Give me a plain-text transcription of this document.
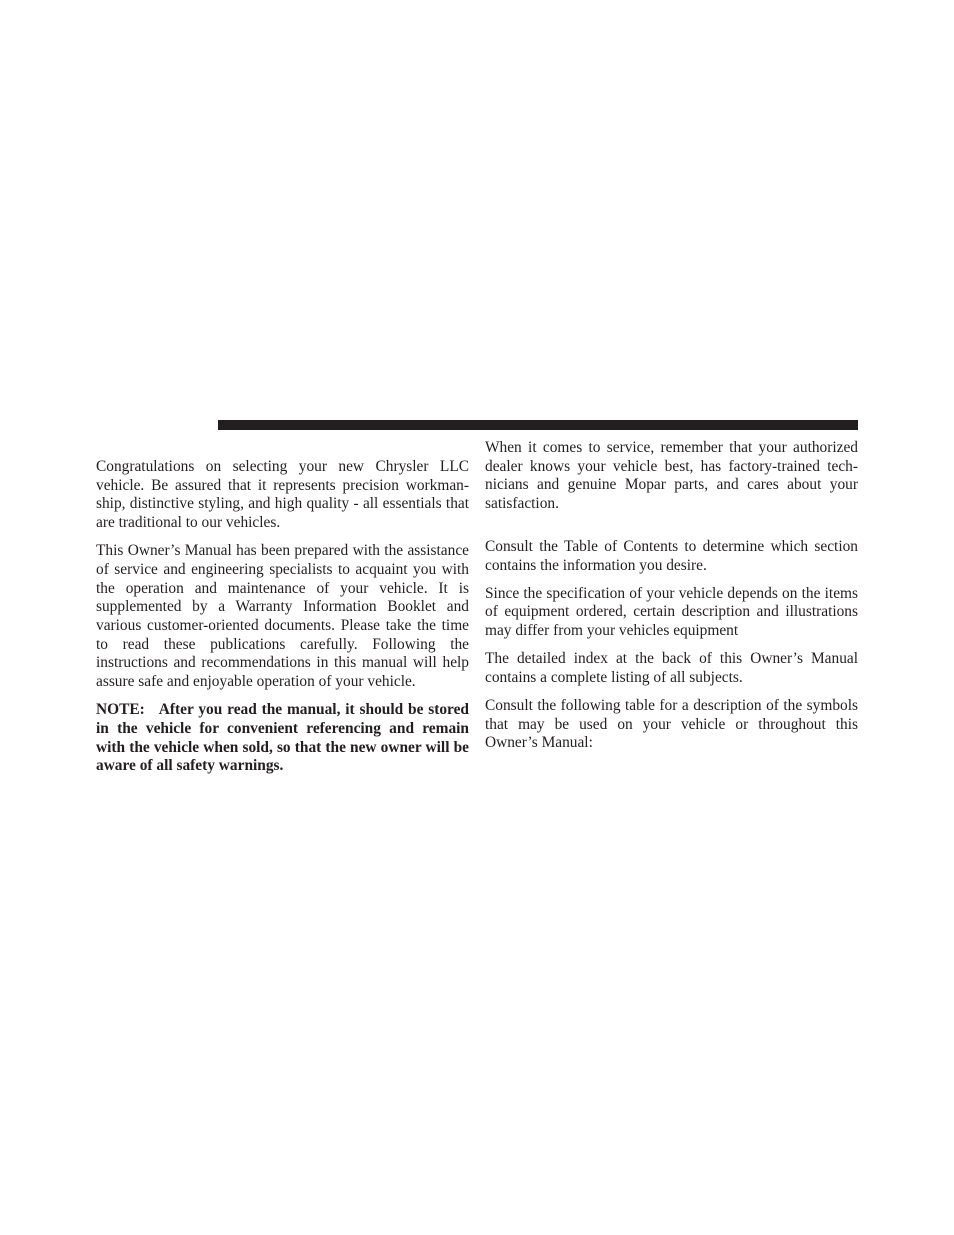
Congratulations on selecting your new Chrysler LLC vehicle. Be assured that it represents precision workmanship, distinctive styling, and high quality - all essentials that are traditional to our vehicles.

This Owner’s Manual has been prepared with the assistance of service and engineering specialists to acquaint you with the operation and maintenance of your vehicle. It is supplemented by a Warranty Information Booklet and various customer-oriented documents. Please take the time to read these publications carefully. Following the instructions and recommendations in this manual will help assure safe and enjoyable operation of your vehicle.

NOTE: After you read the manual, it should be stored in the vehicle for convenient referencing and remain with the vehicle when sold, so that the new owner will be aware of all safety warnings.

When it comes to service, remember that your authorized dealer knows your vehicle best, has factory-trained technicians and genuine Mopar parts, and cares about your satisfaction.

Consult the Table of Contents to determine which section contains the information you desire.

Since the specification of your vehicle depends on the items of equipment ordered, certain description and illustrations may differ from your vehicles equipment

The detailed index at the back of this Owner’s Manual contains a complete listing of all subjects.

Consult the following table for a description of the symbols that may be used on your vehicle or throughout this Owner’s Manual:
